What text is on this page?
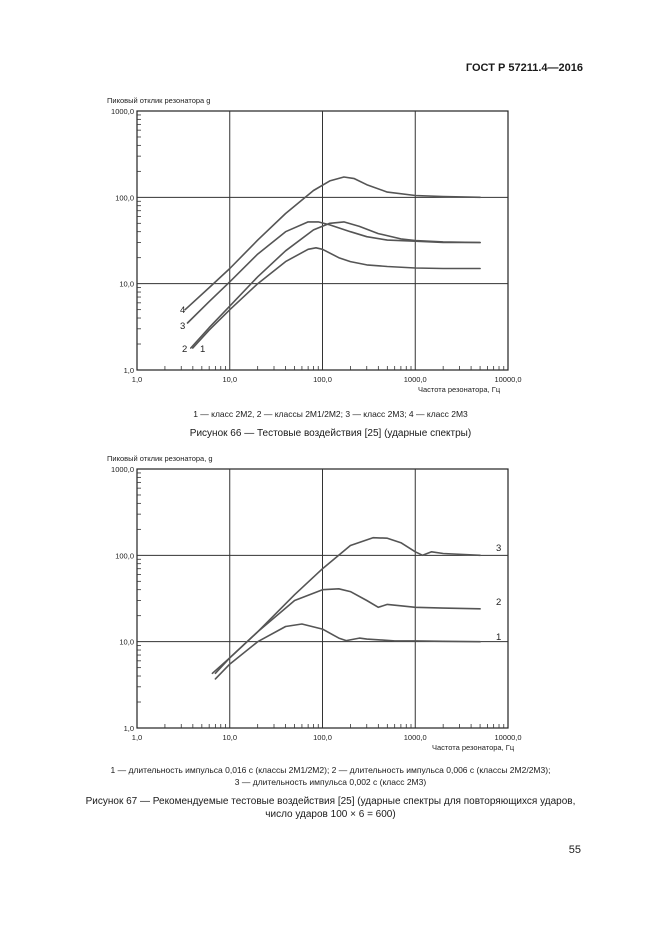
ГОСТ Р 57211.4—2016
1,0
10,0
100,0
1000,0
1,0	10,0	100,0	1000,0	10000,0
Пиковый отклик резонатора g
Частота резонатора, Гц
4
3
2 1
1 — класс 2М2, 2 — классы 2М1/2М2; 3 — класс 2М3; 4 — класс 2М3
Рисунок 66 — Тестовые воздействия [25] (ударные спектры)
1,0
10,0
100,0
1000,0
1,0	10,0	100,0	1000,0	10000,0
Пиковый отклик резонатора, g
Частота резонатора, Гц
3
2
1
1 — длительность импульса 0,016 с (классы 2М1/2М2); 2 — длительность импульса 0,006 с (классы 2М2/2М3);
3 — длительность импульса 0,002 с (класс 2М3)
Рисунок 67 — Рекомендуемые тестовые воздействия [25] (ударные спектры для повторяющихся ударов,
число ударов 100 × 6 = 600)
55
